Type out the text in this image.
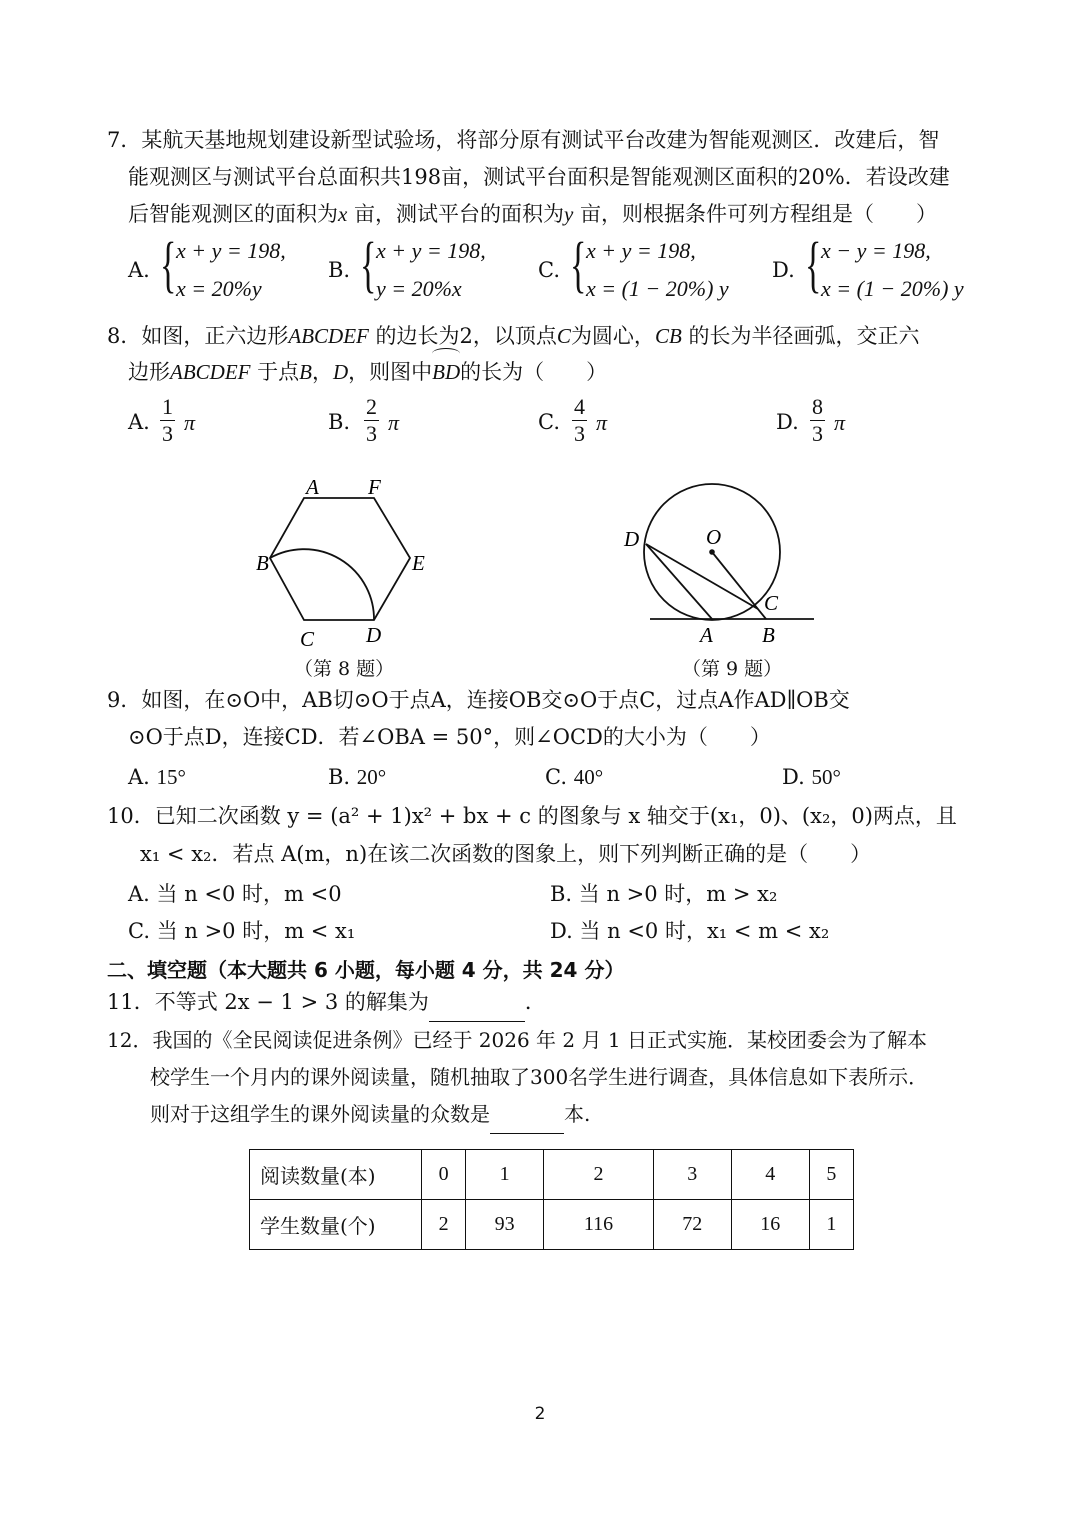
7．某航天基地规划建设新型试验场，将部分原有测试平台改建为智能观测区．改建后，智
能观测区与测试平台总面积共198亩，测试平台面积是智能观测区面积的20%．若设改建
后智能观测区的面积为x 亩，测试平台的面积为y 亩，则根据条件可列方程组是（　　）
A. { x + y = 198,
x = 20%y
B. { x + y = 198,
y = 20%x
C. { x + y = 198,
x = (1 − 20%) y
D. { x − y = 198,
x = (1 − 20%) y
8．如图，正六边形ABCDEF 的边长为2，以顶点C为圆心，CB 的长为半径画弧，交正六
边形ABCDEF 于点B，D，则图中
BD的长为（　　）
A. $\frac{1}{3}$ π	B. $\frac{2}{3}$ π	C. $\frac{4}{3}$ π	D. $\frac{8}{3}$ π
A F
B	E
C D
（第 8 题）
D	O
C
A B
（第 9 题）
9．如图，在⊙O中，AB切⊙O于点A，连接OB交⊙O于点C，过点A作AD∥OB交
⊙O于点D，连接CD．若∠OBA = 50°，则∠OCD的大小为（　　）
A. 15°	B. 20°	C. 40°	D. 50°
10．已知二次函数 y = (a² + 1)x² + bx + c 的图象与 x 轴交于(x₁，0)、(x₂，0)两点，且
x₁ < x₂．若点 A(m，n)在该二次函数的图象上，则下列判断正确的是（　　）
A. 当 n <0 时，m <0	B. 当 n >0 时，m > x₂
C. 当 n >0 时，m < x₁	D. 当 n <0 时，x₁ < m < x₂
二、填空题（本大题共 6 小题，每小题 4 分，共 24 分）
11．不等式 2x − 1 > 3 的解集为	．
12．我国的《全民阅读促进条例》已经于 2026 年 2 月 1 日正式实施．某校团委会为了解本
校学生一个月内的课外阅读量，随机抽取了300名学生进行调查，具体信息如下表所示．
则对于这组学生的课外阅读量的众数是	本.
阅读数量(本)	0	1	2	3	4	5
学生数量(个)	2	93	116	72	16	1
2
